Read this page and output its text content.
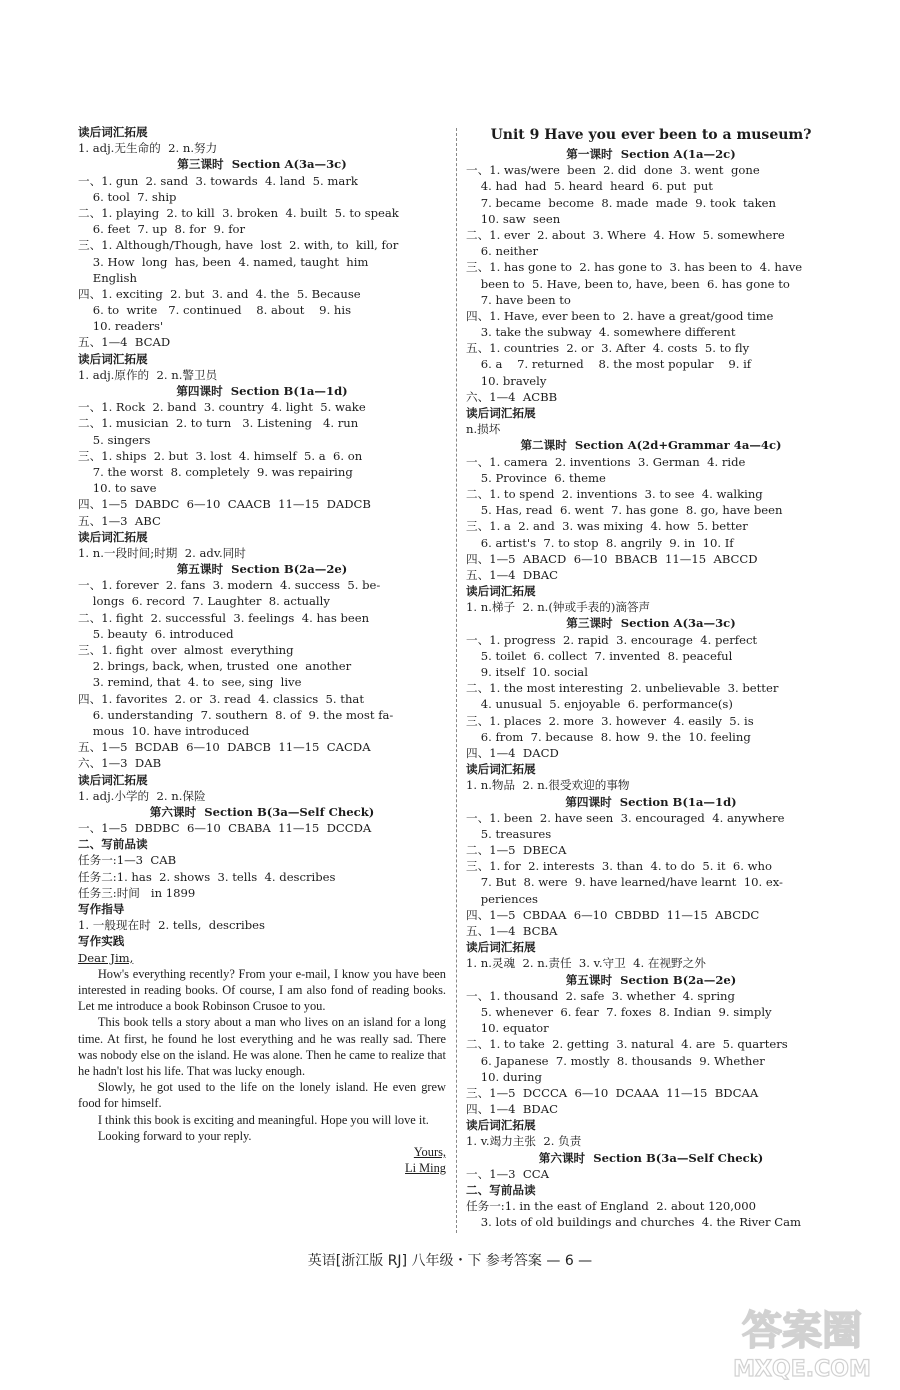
读后词汇拓展
1. adj.无生命的  2. n.努力
第三课时  Section A(3a—3c)
一、1. gun  2. sand  3. towards  4. land  5. mark
6. tool  7. ship
二、1. playing  2. to kill  3. broken  4. built  5. to speak
6. feet  7. up  8. for  9. for
三、1. Although/Though, have  lost  2. with, to  kill, for
3. How  long  has, been  4. named, taught  him
English
四、1. exciting  2. but  3. and  4. the  5. Because
6. to  write   7. continued    8. about    9. his
10. readers'
五、1—4  BCAD
读后词汇拓展
1. adj.原作的  2. n.警卫员
第四课时  Section B(1a—1d)
一、1. Rock  2. band  3. country  4. light  5. wake
二、1. musician  2. to turn   3. Listening   4. run
5. singers
三、1. ships  2. but  3. lost  4. himself  5. a  6. on
7. the worst  8. completely  9. was repairing
10. to save
四、1—5  DABDC  6—10  CAACB  11—15  DADCB
五、1—3  ABC
读后词汇拓展
1. n.一段时间;时期  2. adv.同时
第五课时  Section B(2a—2e)
一、1. forever  2. fans  3. modern  4. success  5. be-
longs  6. record  7. Laughter  8. actually
二、1. fight  2. successful  3. feelings  4. has been
5. beauty  6. introduced
三、1. fight  over  almost  everything
2. brings, back, when, trusted  one  another
3. remind, that  4. to  see, sing  live
四、1. favorites  2. or  3. read  4. classics  5. that
6. understanding  7. southern  8. of  9. the most fa-
mous  10. have introduced
五、1—5  BCDAB  6—10  DABCB  11—15  CACDA
六、1—3  DAB
读后词汇拓展
1. adj.小学的  2. n.保险
第六课时  Section B(3a—Self Check)
一、1—5  DBDBC  6—10  CBABA  11—15  DCCDA
二、写前品读
任务一:1—3  CAB
任务二:1. has  2. shows  3. tells  4. describes
任务三:时间   in 1899
写作指导
1. 一般现在时  2. tells,  describes
写作实践
Dear Jim,

How's everything recently? From your e-mail, I know you have been interested in reading books. Of course, I am also fond of reading books. Let me introduce a book Robinson Crusoe to you.

This book tells a story about a man who lives on an island for a long time. At first, he found he lost everything and he was really sad. There was nobody else on the island. He was alone. Then he came to realize that he hadn't lost his life. That was lucky enough.

Slowly, he got used to the life on the lonely island. He even grew food for himself.

I think this book is exciting and meaningful. Hope you will love it.

Looking forward to your reply.

Yours,

Li Ming

Unit 9 Have you ever been to a museum?
第一课时  Section A(1a—2c)
一、1. was/were  been  2. did  done  3. went  gone
4. had  had  5. heard  heard  6. put  put
7. became  become  8. made  made  9. took  taken
10. saw  seen
二、1. ever  2. about  3. Where  4. How  5. somewhere
6. neither
三、1. has gone to  2. has gone to  3. has been to  4. have
been to  5. Have, been to, have, been  6. has gone to
7. have been to
四、1. Have, ever been to  2. have a great/good time
3. take the subway  4. somewhere different
五、1. countries  2. or  3. After  4. costs  5. to fly
6. a    7. returned    8. the most popular    9. if
10. bravely
六、1—4  ACBB
读后词汇拓展
n.损坏
第二课时  Section A(2d+Grammar 4a—4c)
一、1. camera  2. inventions  3. German  4. ride
5. Province  6. theme
二、1. to spend  2. inventions  3. to see  4. walking
5. Has, read  6. went  7. has gone  8. go, have been
三、1. a  2. and  3. was mixing  4. how  5. better
6. artist's  7. to stop  8. angrily  9. in  10. If
四、1—5  ABACD  6—10  BBACB  11—15  ABCCD
五、1—4  DBAC
读后词汇拓展
1. n.梯子  2. n.(钟或手表的)滴答声
第三课时  Section A(3a—3c)
一、1. progress  2. rapid  3. encourage  4. perfect
5. toilet  6. collect  7. invented  8. peaceful
9. itself  10. social
二、1. the most interesting  2. unbelievable  3. better
4. unusual  5. enjoyable  6. performance(s)
三、1. places  2. more  3. however  4. easily  5. is
6. from  7. because  8. how  9. the  10. feeling
四、1—4  DACD
读后词汇拓展
1. n.物品  2. n.很受欢迎的事物
第四课时  Section B(1a—1d)
一、1. been  2. have seen  3. encouraged  4. anywhere
5. treasures
二、1—5  DBECA
三、1. for  2. interests  3. than  4. to do  5. it  6. who
7. But  8. were  9. have learned/have learnt  10. ex-
periences
四、1—5  CBDAA  6—10  CBDBD  11—15  ABCDC
五、1—4  BCBA
读后词汇拓展
1. n.灵魂  2. n.责任  3. v.守卫  4. 在视野之外
第五课时  Section B(2a—2e)
一、1. thousand  2. safe  3. whether  4. spring
5. whenever  6. fear  7. foxes  8. Indian  9. simply
10. equator
二、1. to take  2. getting  3. natural  4. are  5. quarters
6. Japanese  7. mostly  8. thousands  9. Whether
10. during
三、1—5  DCCCA  6—10  DCAAA  11—15  BDCAA
四、1—4  BDAC
读后词汇拓展
1. v.竭力主张  2. 负责
第六课时  Section B(3a—Self Check)
一、1—3  CCA
二、写前品读
任务一:1. in the east of England  2. about 120,000
3. lots of old buildings and churches  4. the River Cam
英语[浙江版 RJ] 八年级・下 参考答案 — 6 —
答案圈
MXQE.COM
